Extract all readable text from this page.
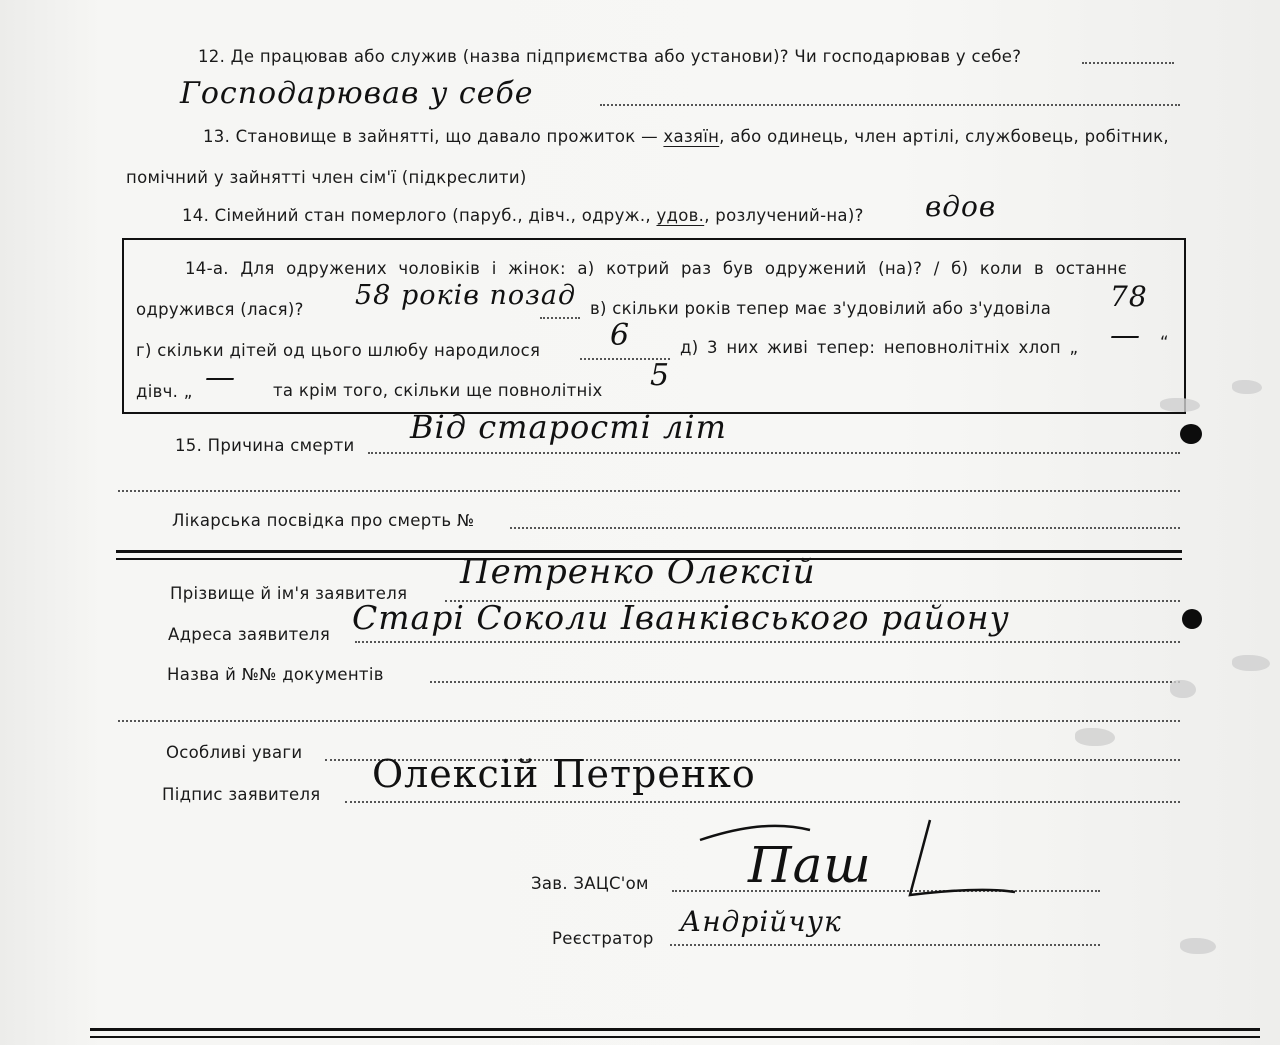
12. Де працював або служив (назва підприємства або установи)? Чи господарював у себе?
Господарював у себе
13. Становище в зайнятті, що давало прожиток — хазяїн, або одинець, член артілі, службовець, робітник,
помічний у зайнятті член сім'ї (підкреслити)
14. Сімейний стан померлого (паруб., дівч., одруж., удов., розлучений-на)? вдов
14-а. Для одружених чоловіків і жінок: а) котрий раз був одружений (на)? / б) коли в останнє
одружився (лася)? 58 років позад в) скільки років тепер має з'удовілий або з'удовіла 78
г) скільки дітей од цього шлюбу народилося 6	д) 3 них живі тепер: неповнолітніх хлоп „ — “
дівч. „ — та крім того, скільки ще повнолітніх 5
15. Причина смерти Від старості літ
Лікарська посвідка про смерть №
Прізвище й ім'я заявителя
Петренко Олексій
Адреса заявителя Старі Соколи Іванківського району
Назва й №№ документів
Особливі уваги
Підпис заявителя Олексій Петренко
Зав. ЗАЦС'ом Паш
Реєстратор
Андрійчук
